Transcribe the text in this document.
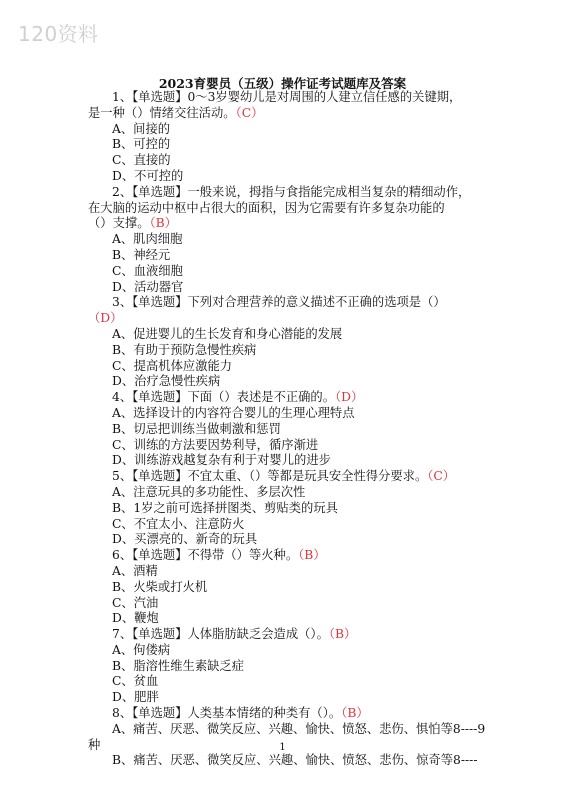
120资料
2023育婴员（五级）操作证考试题库及答案
1、【单选题】0～3岁婴幼儿是对周围的人建立信任感的关键期，
是一种（）情绪交往活动。（C）
A、间接的
B、可控的
C、直接的
D、不可控的
2、【单选题】一般来说，拇指与食指能完成相当复杂的精细动作，
在大脑的运动中枢中占很大的面积，因为它需要有许多复杂功能的
（）支撑。（B）
A、肌肉细胞
B、神经元
C、血液细胞
D、活动器官
3、【单选题】下列对合理营养的意义描述不正确的选项是（）
（D）
A、促进婴儿的生长发育和身心潜能的发展
B、有助于预防急慢性疾病
C、提高机体应激能力
D、治疗急慢性疾病
4、【单选题】下面（）表述是不正确的。（D）
A、选择设计的内容符合婴儿的生理心理特点
B、切忌把训练当做刺激和惩罚
C、训练的方法要因势利导，循序渐进
D、训练游戏越复杂有利于对婴儿的进步
5、【单选题】不宜太重、（）等都是玩具安全性得分要求。（C）
A、注意玩具的多功能性、多层次性
B、1岁之前可选择拼图类、剪贴类的玩具
C、不宜太小、注意防火
D、买漂亮的、新奇的玩具
6、【单选题】不得带（）等火种。（B）
A、酒精
B、火柴或打火机
C、汽油
D、鞭炮
7、【单选题】人体脂肪缺乏会造成（）。（B）
A、佝偻病
B、脂溶性维生素缺乏症
C、贫血
D、肥胖
8、【单选题】人类基本情绪的种类有（）。（B）
A、痛苦、厌恶、微笑反应、兴趣、愉快、愤怒、悲伤、惧怕等8----9
种
B、痛苦、厌恶、微笑反应、兴趣、愉快、愤怒、悲伤、惊奇等8----
1
